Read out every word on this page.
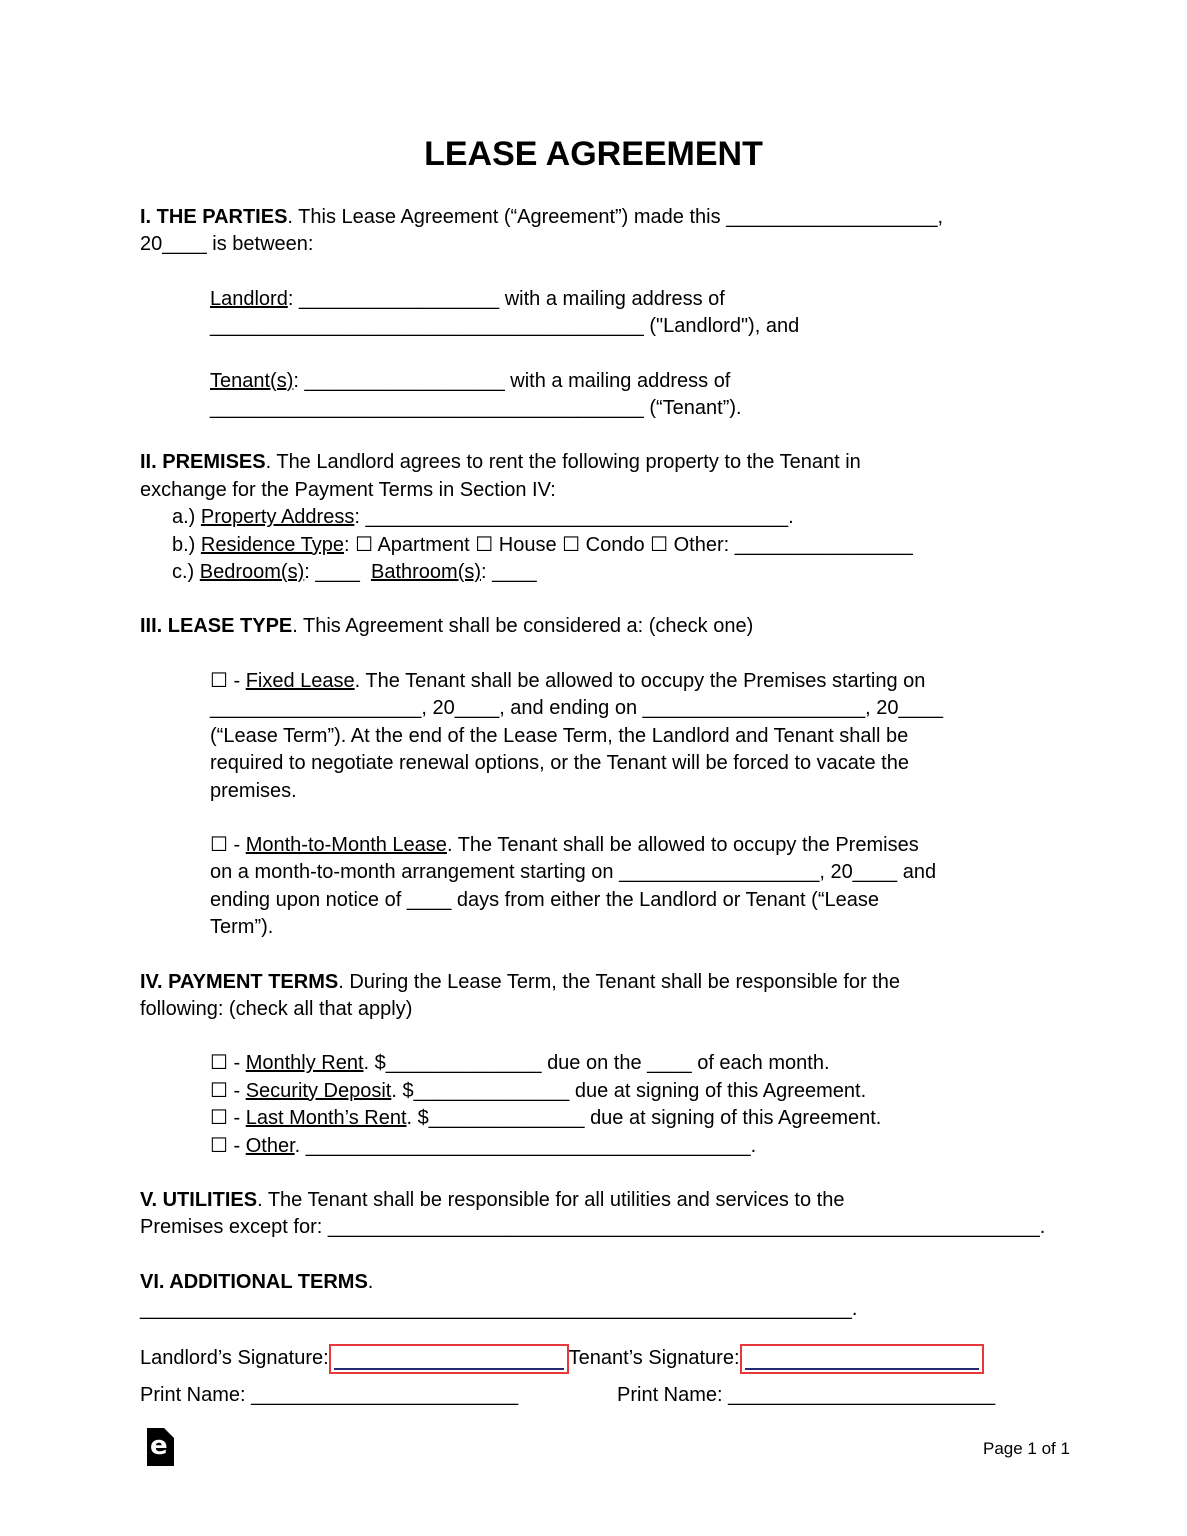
LEASE AGREEMENT
I. THE PARTIES. This Lease Agreement (“Agreement”) made this ___________________,
20____ is between:
Landlord: __________________ with a mailing address of
_______________________________________ ("Landlord"), and
Tenant(s): __________________ with a mailing address of
_______________________________________ (“Tenant”).
II. PREMISES. The Landlord agrees to rent the following property to the Tenant in
exchange for the Payment Terms in Section IV:
a.) Property Address: ______________________________________.
b.) Residence Type: ☐ Apartment ☐ House ☐ Condo ☐ Other: ________________
c.) Bedroom(s): ____  Bathroom(s): ____
III. LEASE TYPE. This Agreement shall be considered a: (check one)
☐ - Fixed Lease. The Tenant shall be allowed to occupy the Premises starting on
___________________, 20____, and ending on ____________________, 20____
(“Lease Term”). At the end of the Lease Term, the Landlord and Tenant shall be
required to negotiate renewal options, or the Tenant will be forced to vacate the
premises.
☐ - Month-to-Month Lease. The Tenant shall be allowed to occupy the Premises
on a month-to-month arrangement starting on __________________, 20____ and
ending upon notice of ____ days from either the Landlord or Tenant (“Lease
Term”).
IV. PAYMENT TERMS. During the Lease Term, the Tenant shall be responsible for the
following: (check all that apply)
☐ - Monthly Rent. $______________ due on the ____ of each month.
☐ - Security Deposit. $______________ due at signing of this Agreement.
☐ - Last Month’s Rent. $______________ due at signing of this Agreement.
☐ - Other. ________________________________________.
V. UTILITIES. The Tenant shall be responsible for all utilities and services to the
Premises except for: ________________________________________________________________.
VI. ADDITIONAL TERMS. ________________________________________________________________.
Landlord’s Signature:	Tenant’s Signature:
Print Name: ________________________	Print Name: ________________________
e	Page 1 of 1
